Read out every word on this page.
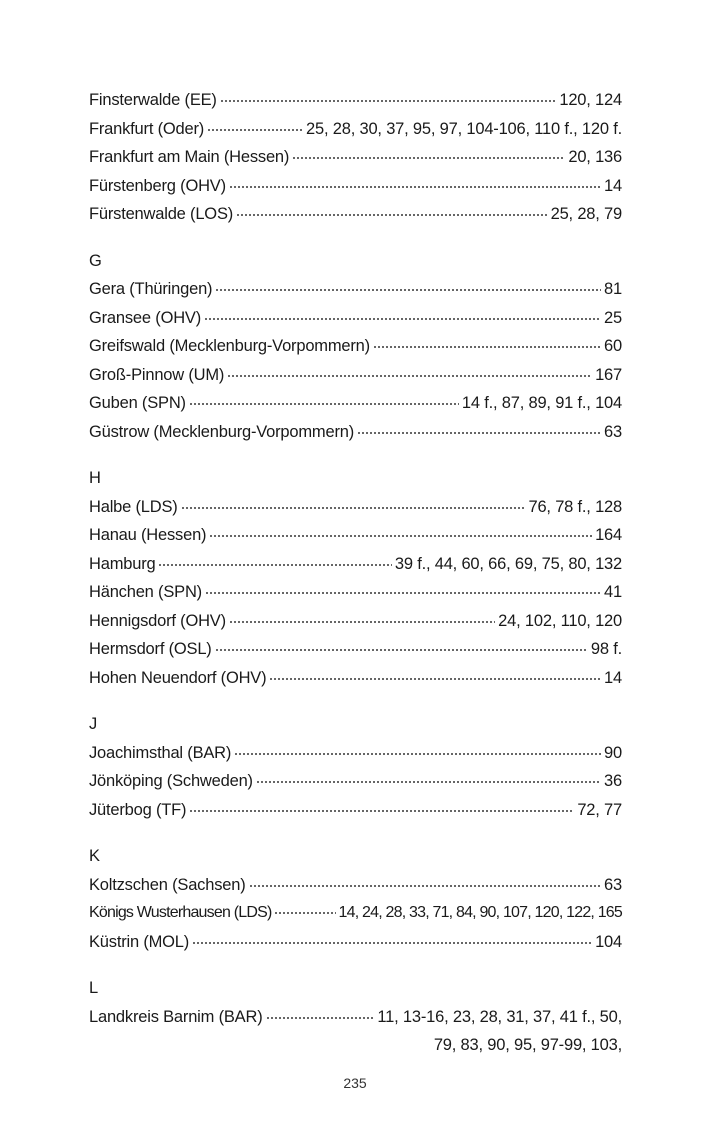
Finsterwalde (EE)	120, 124
Frankfurt (Oder)	25, 28, 30, 37, 95, 97, 104-106, 110 f., 120 f.
Frankfurt am Main (Hessen)	20, 136
Fürstenberg (OHV)	14
Fürstenwalde (LOS)	25, 28, 79
G
Gera (Thüringen)	81
Gransee (OHV)	25
Greifswald (Mecklenburg-Vorpommern)	60
Groß-Pinnow (UM)	167
Guben (SPN)	14 f., 87, 89, 91 f., 104
Güstrow (Mecklenburg-Vorpommern)	63
H
Halbe (LDS)	76, 78 f., 128
Hanau (Hessen)	164
Hamburg	39 f., 44, 60, 66, 69, 75, 80, 132
Hänchen (SPN)	41
Hennigsdorf (OHV)	24, 102, 110, 120
Hermsdorf (OSL)	98 f.
Hohen Neuendorf (OHV)	14
J
Joachimsthal (BAR)	90
Jönköping (Schweden)	36
Jüterbog (TF)	72, 77
K
Koltzschen (Sachsen)	63
Königs Wusterhausen (LDS)	14, 24, 28, 33, 71, 84, 90, 107, 120, 122, 165
Küstrin (MOL)	104
L
Landkreis Barnim (BAR)	11, 13-16, 23, 28, 31, 37, 41 f., 50,
79, 83, 90, 95, 97-99, 103,
235
